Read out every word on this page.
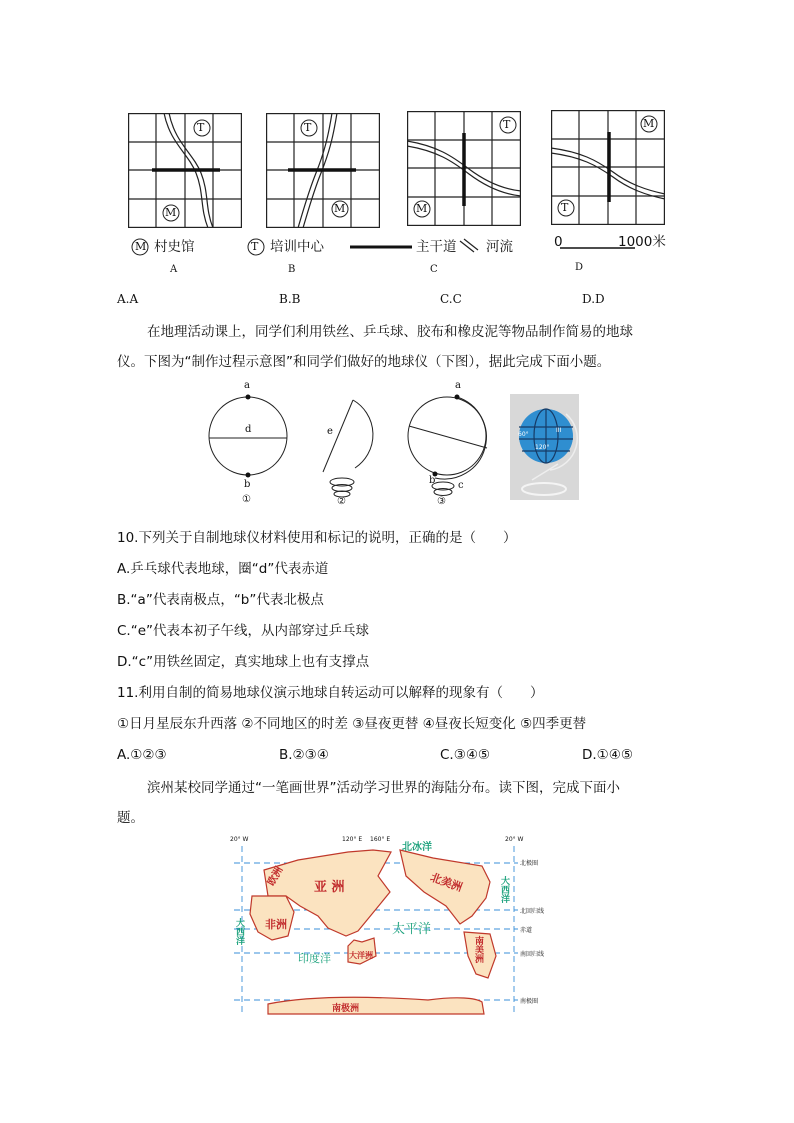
T
M
T
M
T
M
M
T
M 村史馆	T 培训中心	主干道 河流	0	1000米
A	B	C	D
A.A	B.B	C.C	D.D
在地理活动课上，同学们利用铁丝、乒乓球、胶布和橡皮泥等物品制作简易的地球
仪。下图为“制作过程示意图”和同学们做好的地球仪（下图），据此完成下面小题。
a
d
b
e
a
b c
①	②	③
60°
120°
III
10.下列关于自制地球仪材料使用和标记的说明，正确的是（　　）
A.乒乓球代表地球，圈“d”代表赤道
B.“a”代表南极点，“b”代表北极点
C.“e”代表本初子午线，从内部穿过乒乓球
D.“c”用铁丝固定，真实地球上也有支撑点
11.利用自制的简易地球仪演示地球自转运动可以解释的现象有（　　）
①日月星辰东升西落 ②不同地区的时差 ③昼夜更替 ④昼夜长短变化 ⑤四季更替
A.①②③	B.②③④	C.③④⑤	D.①④⑤
滨州某校同学通过“一笔画世界”活动学习世界的海陆分布。读下图，完成下面小
题。
20° W	120° E 160° E	20° W
北极圈
北回归线
赤道
南回归线
南极圈
欧洲 亚 洲
非洲
北美洲
南美洲
大洋洲
南极洲
北冰洋
太平洋
印度洋
大西洋
大西洋
